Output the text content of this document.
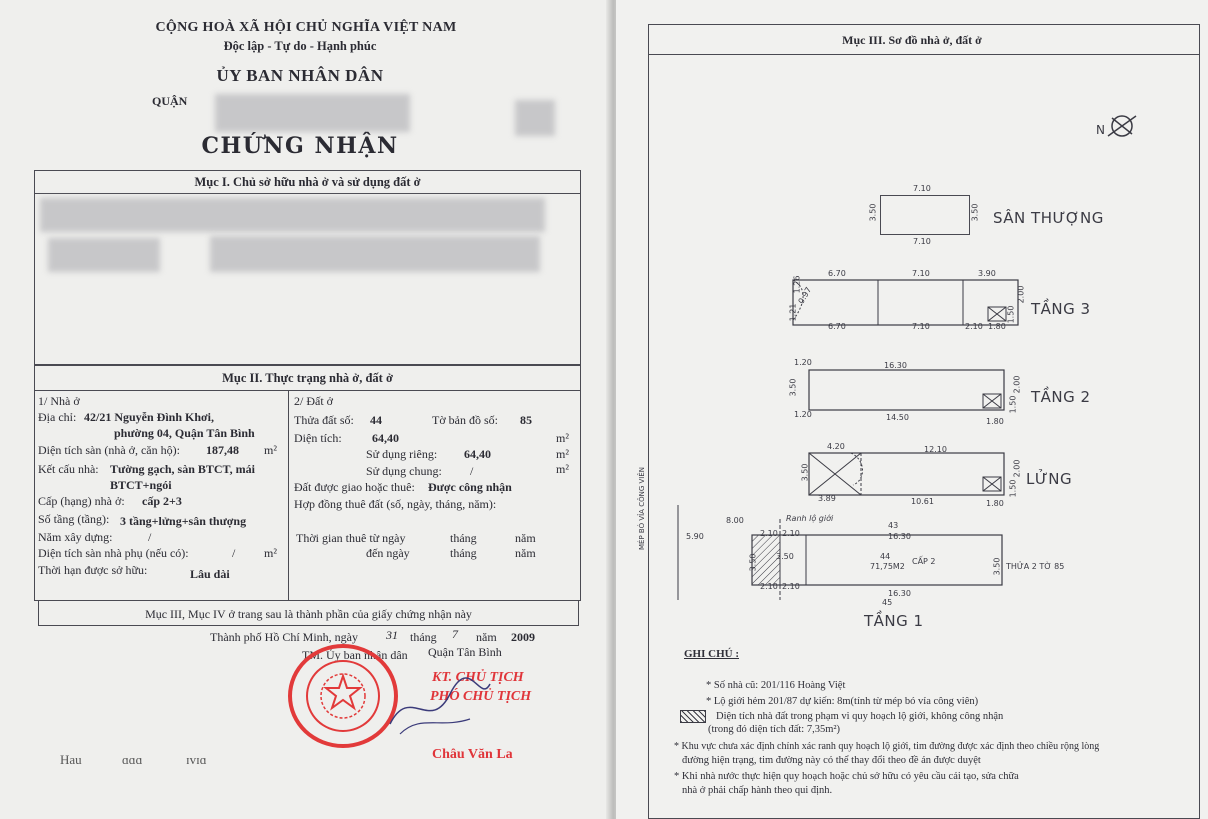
CỘNG HOÀ XÃ HỘI CHỦ NGHĨA VIỆT NAM
Độc lập - Tự do - Hạnh phúc
ỦY BAN NHÂN DÂN
QUẬN
CHỨNG NHẬN
Mục I. Chủ sở hữu nhà ở và sử dụng đất ở
Mục II. Thực trạng nhà ở, đất ở
1/ Nhà ở
Địa chỉ: 42/21 Nguyễn Đình Khơi,
phường 04, Quận Tân Bình
Diện tích sàn (nhà ở, căn hộ): 187,48 m²
Kết cấu nhà: Tường gạch, sàn BTCT, mái
BTCT+ngói
Cấp (hạng) nhà ở: cấp 2+3
Số tầng (tầng): 3 tầng+lửng+sân thượng
Năm xây dựng:	/
Diện tích sàn nhà phụ (nếu có):	/ m²
Thời hạn được sở hữu:	Lâu dài
2/ Đất ở
Thửa đất số: 44	Tờ bản đồ số: 85
Diện tích:	64,40	m²
Sử dụng riêng: 64,40	m²
Sử dụng chung: /	m²
Đất được giao hoặc thuê: Được công nhận
Hợp đồng thuê đất (số, ngày, tháng, năm):
Thời gian thuê từ ngày	tháng	năm
đến ngày	tháng	năm
Mục III, Mục IV ở trang sau là thành phần của giấy chứng nhận này
Thành phố Hồ Chí Minh, ngày 31 tháng 7 năm 2009
TM. Ủy ban nhân dân Quận Tân Bình
KT. CHỦ TỊCH
PHÓ CHỦ TỊCH
Châu Văn La
Hau	ɑɑɑ	ɪvɪɑ
Mục III. Sơ đồ nhà ở, đất ở
N
7.10
7.10
3.50	3.50 SÂN THƯỢNG
6.70	7.10	3.90
6.70	7.10	2.10 1.80
2.00
1.50
1.21
0.97
1.26
TẦNG 3
1.20	16.30
1.20	14.50	1.80
3.50	2.00
1.50 TẦNG 2
4.20	12.10
3.89	10.61	1.80
3.50	2.00
1.50
LỬNG
MÉP BÓ VỈA CÔNG VIÊN	Ranh lộ giới
8.00
5.90	2.10 2.10	16.30
43
2.10 2.10
16.30
45
3.50 3.50
3.50
44
71,75M2
CẤP 2
THỬA 2 TỜ 85
TẦNG 1
GHI CHÚ :
* Số nhà cũ: 201/116 Hoàng Việt
* Lộ giới hẻm 201/87 dự kiến: 8m(tính từ mép bó vỉa công viên)
Diện tích nhà đất trong phạm vi quy hoạch lộ giới, không công nhận
(trong đó diện tích đất: 7,35m²)
* Khu vực chưa xác định chính xác ranh quy hoạch lộ giới, tim đường được xác định theo chiều rộng lòng
đường hiện trạng, tim đường này có thể thay đổi theo đề án được duyệt
* Khi nhà nước thực hiện quy hoạch hoặc chủ sở hữu có yêu cầu cải tạo, sửa chữa
nhà ở phải chấp hành theo qui định.
